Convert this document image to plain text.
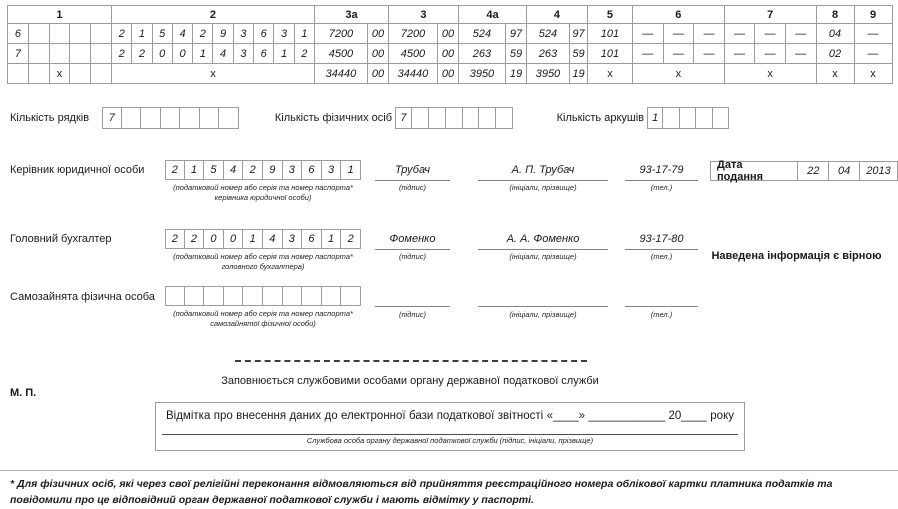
1					2										3а		3		4а		4		5	6			7			8	9
6					2	1	5	4	2	9	3	6	3	1	7200	00	7200	00	524	97	524	97	101	—	—	—	—	—	—	04	—
7					2	2	0	0	1	4	3	6	1	2	4500	00	4500	00	263	59	263	59	101	—	—	—	—	—	—	02	—
		х			х										34440	00	34440	00	3950	19	3950	19	х	х			х			х	х
Кількість рядків	7	Кількість фізичних осіб 7	Кількість аркушів 1
Керівник юридичної особи	2	1	5	4	2	9	3	6	3	1
(податковий номер або серія та номер паспорта*
керівника юридичної особи)
Трубач
(підпис)
А. П. Трубач
(ініціали, прізвище)
93-17-79
(тел.)
Дата подання	22	04	2013
Головний бухгалтер	2	2	0	0	1	4	3	6	1	2
(податковий номер або серія та номер паспорта*
головного бухгалтера)
Фоменко
(підпис)
А. А. Фоменко
(ініціали, прізвище)
93-17-80
(тел.)	Наведена інформація є вірною
Самозайнята фізична особа
(податковий номер або серія та номер паспорта*
самозайнятої фізичної особи)
(підпис)	(ініціали, прізвище)	(тел.)
Заповнюється службовими особами органу державної податкової служби
М. П.
Відмітка про внесення даних до електронної бази податкової звітності «____» ____________ 20____ року
Службова особа органу державної податкової служби (підпис, ініціали, прізвище)
* Для фізичних осіб, які через свої релігійні переконання відмовляються від прийняття реєстраційного номера облікової картки платника податків та повідомили про це відповідний орган державної податкової служби і мають відмітку у паспорті.
